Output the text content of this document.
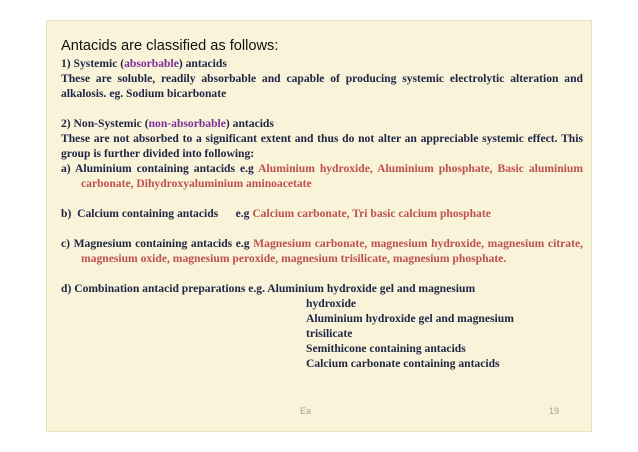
Antacids are classified as follows:
1) Systemic (absorbable) antacids
These are soluble, readily absorbable and capable of producing systemic electrolytic alteration and alkalosis. eg. Sodium bicarbonate
2) Non-Systemic (non-absorbable) antacids
These are not absorbed to a significant extent and thus do not alter an appreciable systemic effect. This group is further divided into following:
a) Aluminium containing antacids e.g Aluminium hydroxide, Aluminium phosphate, Basic aluminium carbonate, Dihydroxyaluminium aminoacetate
b)  Calcium containing antacids      e.g Calcium carbonate, Tri basic calcium phosphate
c) Magnesium containing antacids e.g Magnesium carbonate, magnesium hydroxide, magnesium citrate, magnesium oxide, magnesium peroxide, magnesium trisilicate, magnesium phosphate.
d) Combination antacid preparations e.g. Aluminium hydroxide gel and magnesium
hydroxide
Aluminium hydroxide gel and magnesium
trisilicate
Semithicone containing antacids
Calcium carbonate containing antacids
Ea	19
